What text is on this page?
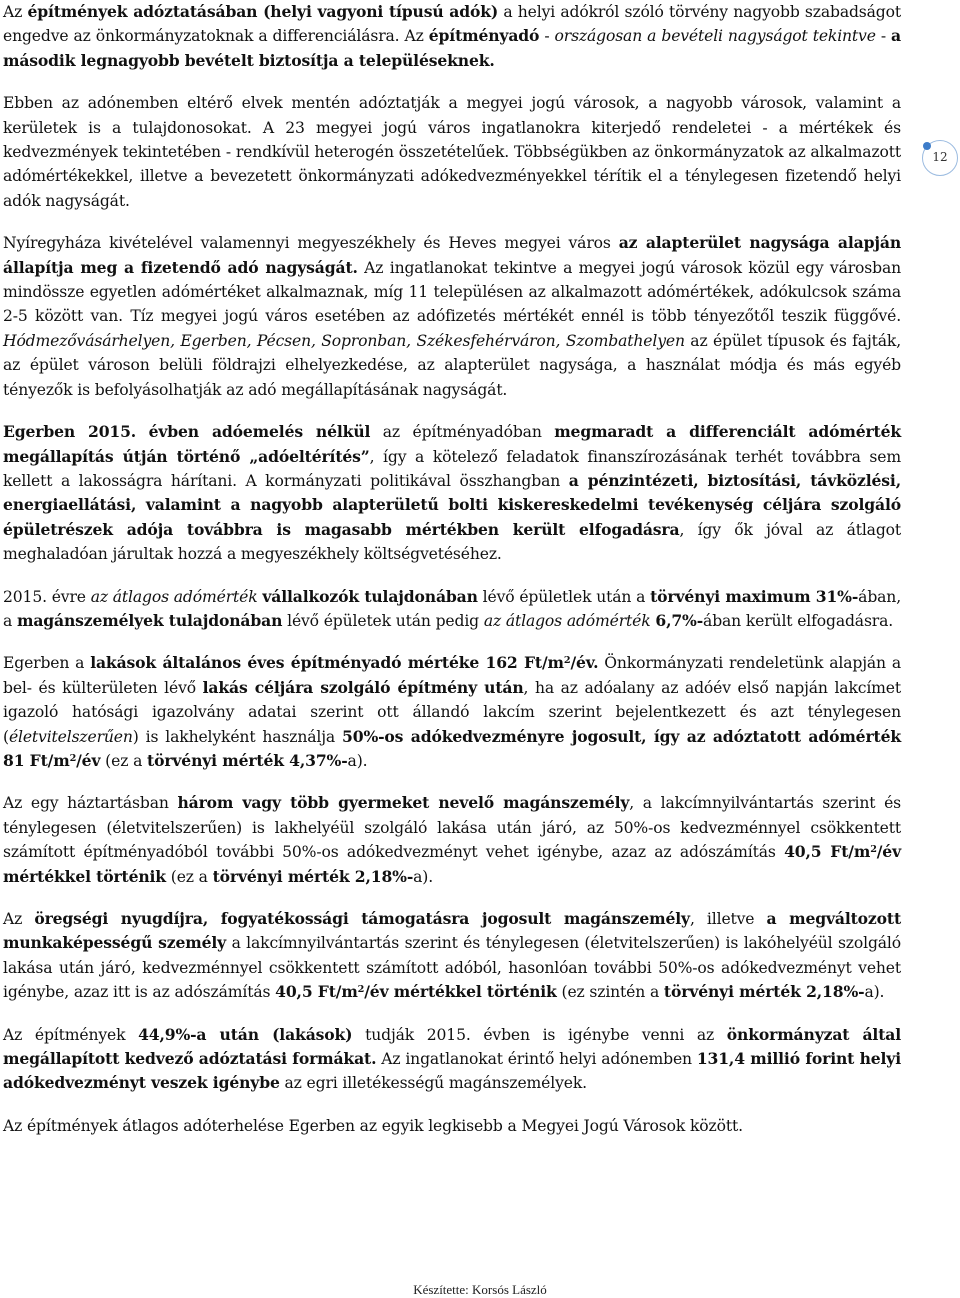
Az építmények adóztatásában (helyi vagyoni típusú adók) a helyi adókról szóló törvény nagyobb szabadságot engedve az önkormányzatoknak a differenciálásra. Az építményadó - országosan a bevételi nagyságot tekintve - a második legnagyobb bevételt biztosítja a településeknek.

Ebben az adónemben eltérő elvek mentén adóztatják a megyei jogú városok, a nagyobb városok, valamint a kerületek is a tulajdonosokat. A 23 megyei jogú város ingatlanokra kiterjedő rendeletei - a mértékek és kedvezmények tekintetében - rendkívül heterogén összetételűek. Többségükben az önkormányzatok az alkalmazott adómértékekkel, illetve a bevezetett önkormányzati adókedvezményekkel térítik el a ténylegesen fizetendő helyi adók nagyságát.

Nyíregyháza kivételével valamennyi megyeszékhely és Heves megyei város az alapterület nagysága alapján állapítja meg a fizetendő adó nagyságát. Az ingatlanokat tekintve a megyei jogú városok közül egy városban mindössze egyetlen adómértéket alkalmaznak, míg 11 településen az alkalmazott adómértékek, adókulcsok száma 2-5 között van. Tíz megyei jogú város esetében az adófizetés mértékét ennél is több tényezőtől teszik függővé. Hódmezővásárhelyen, Egerben, Pécsen, Sopronban, Székesfehérváron, Szombathelyen az épület típusok és fajták, az épület városon belüli földrajzi elhelyezkedése, az alapterület nagysága, a használat módja és más egyéb tényezők is befolyásolhatják az adó megállapításának nagyságát.

Egerben 2015. évben adóemelés nélkül az építményadóban megmaradt a differenciált adómérték megállapítás útján történő „adóeltérítés”, így a kötelező feladatok finanszírozásának terhét továbbra sem kellett a lakosságra hárítani. A kormányzati politikával összhangban a pénzintézeti, biztosítási, távközlési, energiaellátási, valamint a nagyobb alapterületű bolti kiskereskedelmi tevékenység céljára szolgáló épületrészek adója továbbra is magasabb mértékben került elfogadásra, így ők jóval az átlagot meghaladóan járultak hozzá a megyeszékhely költségvetéséhez.

2015. évre az átlagos adómérték vállalkozók tulajdonában lévő épületlek után a törvényi maximum 31%-ában, a magánszemélyek tulajdonában lévő épületek után pedig az átlagos adómérték 6,7%-ában került elfogadásra.

Egerben a lakások általános éves építményadó mértéke 162 $Ft/m^2/év$. Önkormányzati rendeletünk alapján a bel- és külterületen lévő lakás céljára szolgáló építmény után, ha az adóalany az adóév első napján lakcímet igazoló hatósági igazolvány adatai szerint ott állandó lakcím szerint bejelentkezett és azt ténylegesen (életvitelszerűen) is lakhelyként használja 50%-os adókedvezményre jogosult, így az adóztatott adómérték 81 $Ft/m^2/év$ (ez a törvényi mérték 4,37%-a).

Az egy háztartásban három vagy több gyermeket nevelő magánszemély, a lakcímnyilvántartás szerint és ténylegesen (életvitelszerűen) is lakhelyéül szolgáló lakása után járó, az 50%-os kedvezménnyel csökkentett számított építményadóból további 50%-os adókedvezményt vehet igénybe, azaz az adószámítás 40,5 $Ft/m^2/év$ mértékkel történik (ez a törvényi mérték 2,18%-a).

Az öregségi nyugdíjra, fogyatékossági támogatásra jogosult magánszemély, illetve a megváltozott munkaképességű személy a lakcímnyilvántartás szerint és ténylegesen (életvitelszerűen) is lakóhelyéül szolgáló lakása után járó, kedvezménnyel csökkentett számított adóból, hasonlóan további 50%-os adókedvezményt vehet igénybe, azaz itt is az adószámítás 40,5 $Ft/m^2/év$ mértékkel történik (ez szintén a törvényi mérték 2,18%-a).

Az építmények 44,9%-a után (lakások) tudják 2015. évben is igénybe venni az önkormányzat által megállapított kedvező adóztatási formákat. Az ingatlanokat érintő helyi adónemben 131,4 millió forint helyi adókedvezményt veszek igénybe az egri illetékességű magánszemélyek.

Az építmények átlagos adóterhelése Egerben az egyik legkisebb a Megyei Jogú Városok között.

12
Készítette: Korsós László
